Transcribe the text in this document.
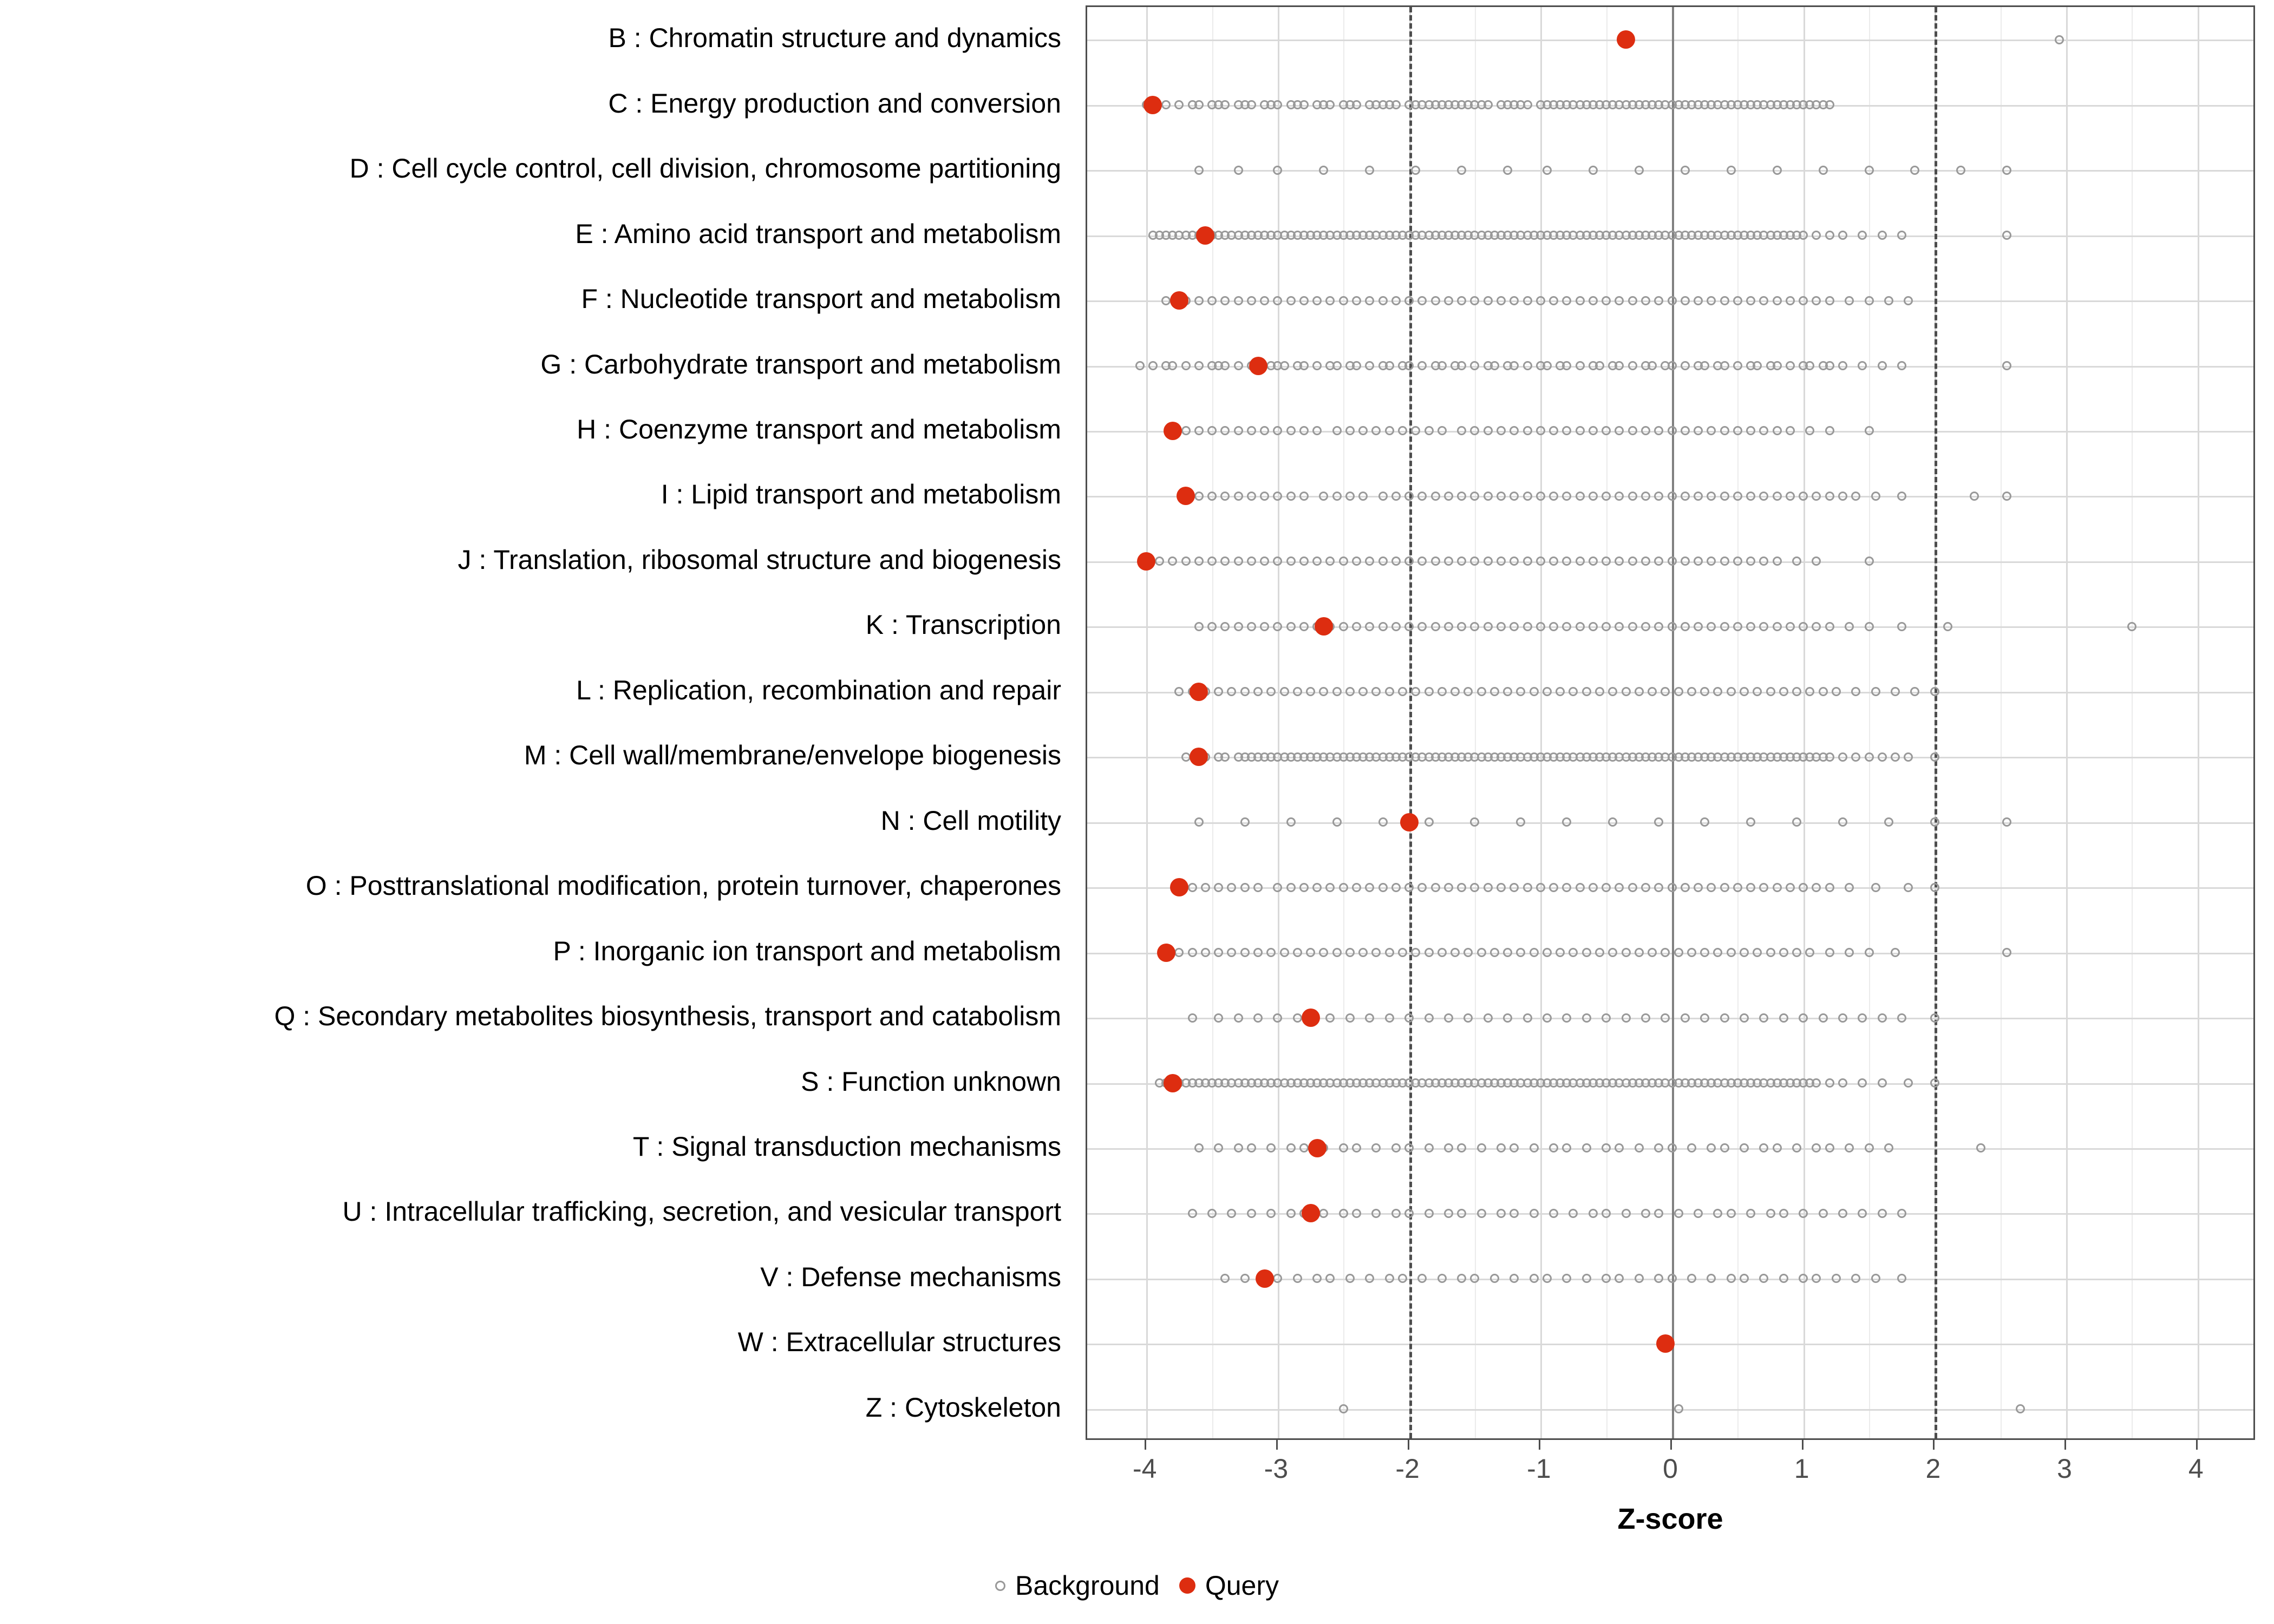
B : Chromatin structure and dynamics
C : Energy production and conversion
D : Cell cycle control, cell division, chromosome partitioning
E : Amino acid transport and metabolism
F : Nucleotide transport and metabolism
G : Carbohydrate transport and metabolism
H : Coenzyme transport and metabolism
I : Lipid transport and metabolism
J : Translation, ribosomal structure and biogenesis
K : Transcription
L : Replication, recombination and repair
M : Cell wall/membrane/envelope biogenesis
N : Cell motility
O : Posttranslational modification, protein turnover, chaperones
P : Inorganic ion transport and metabolism
Q : Secondary metabolites biosynthesis, transport and catabolism
S : Function unknown
T : Signal transduction mechanisms
U : Intracellular trafficking, secretion, and vesicular transport
V : Defense mechanisms
W : Extracellular structures
Z : Cytoskeleton
-4	-3	-2	-1	0	1	2	3	4
Z-score
Background Query
